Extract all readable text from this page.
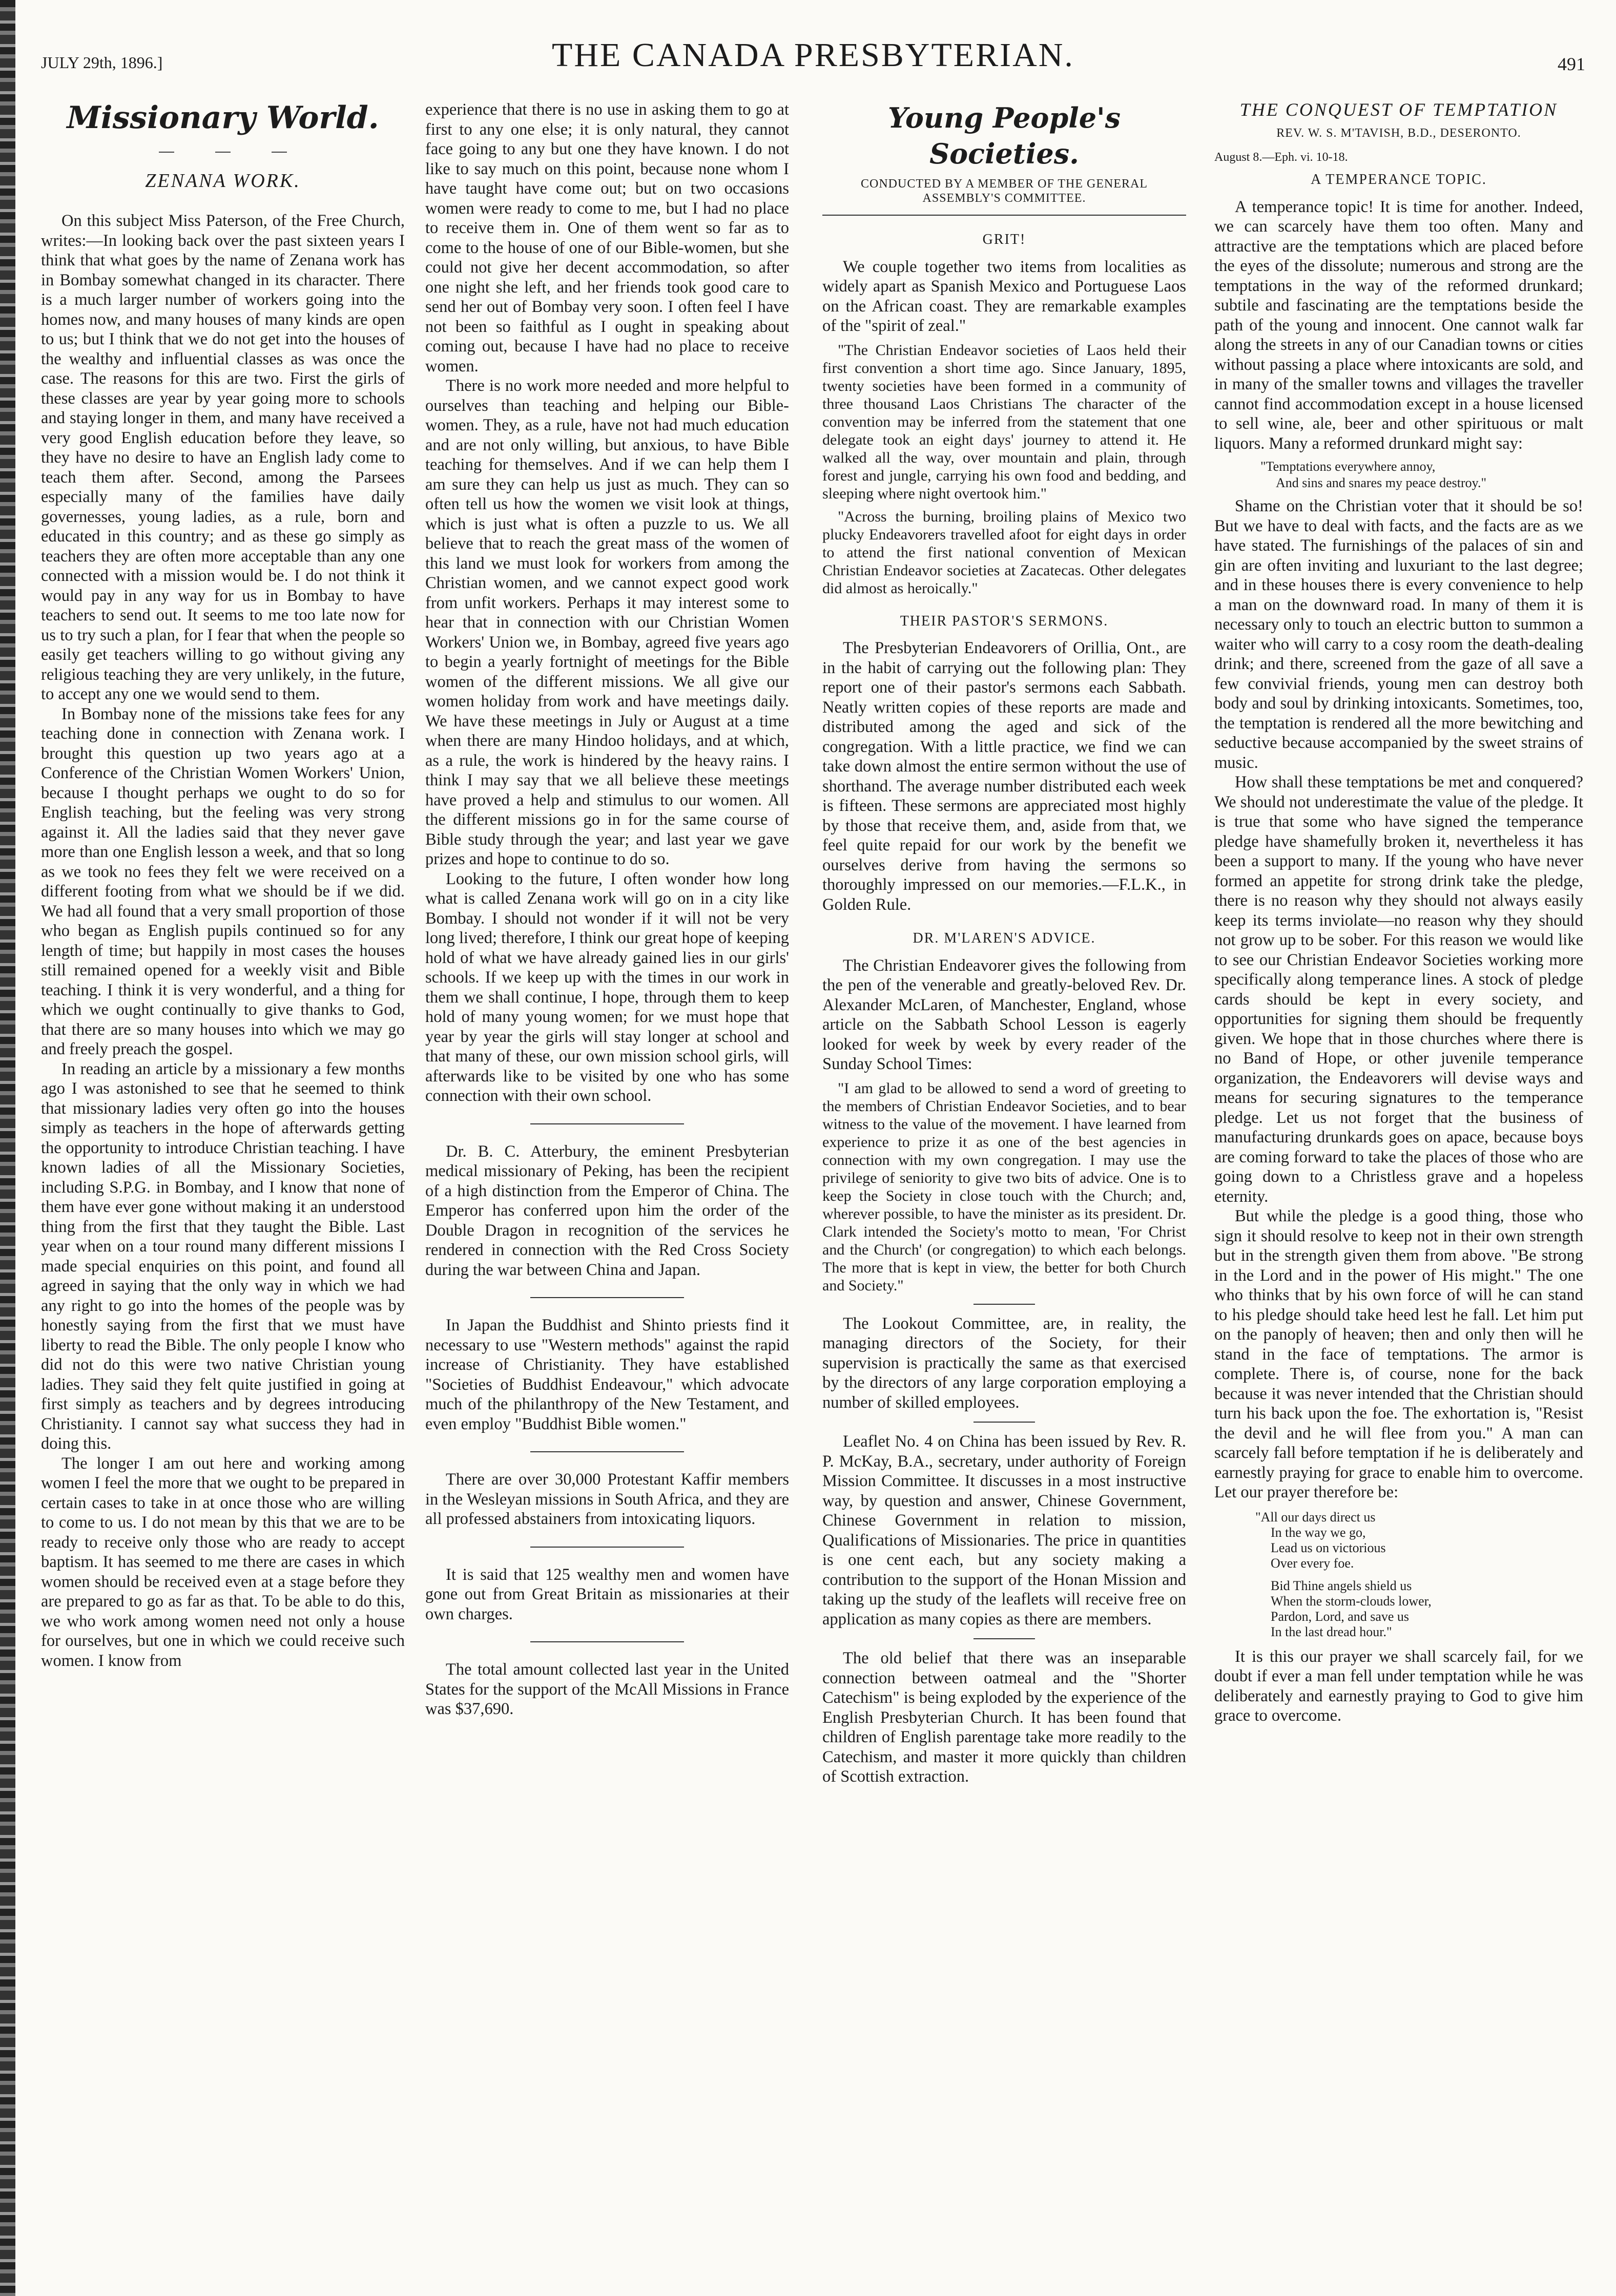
JULY 29th, 1896.]	THE CANADA PRESBYTERIAN.	491
Missionary World.
ZENANA WORK.

On this subject Miss Paterson, of the Free Church, writes:—In looking back over the past sixteen years I think that what goes by the name of Zenana work has in Bombay somewhat changed in its character. There is a much larger number of workers going into the homes now, and many houses of many kinds are open to us; but I think that we do not get into the houses of the wealthy and influential classes as was once the case. The reasons for this are two. First the girls of these classes are year by year going more to schools and staying longer in them, and many have received a very good English education before they leave, so they have no desire to have an English lady come to teach them after. Second, among the Parsees especially many of the families have daily governesses, young ladies, as a rule, born and educated in this country; and as these go simply as teachers they are often more acceptable than any one connected with a mission would be. I do not think it would pay in any way for us in Bombay to have teachers to send out. It seems to me too late now for us to try such a plan, for I fear that when the people so easily get teachers willing to go without giving any religious teaching they are very unlikely, in the future, to accept any one we would send to them.

In Bombay none of the missions take fees for any teaching done in connection with Zenana work. I brought this question up two years ago at a Conference of the Christian Women Workers' Union, because I thought perhaps we ought to do so for English teaching, but the feeling was very strong against it. All the ladies said that they never gave more than one English lesson a week, and that so long as we took no fees they felt we were received on a different footing from what we should be if we did. We had all found that a very small proportion of those who began as English pupils continued so for any length of time; but happily in most cases the houses still remained opened for a weekly visit and Bible teaching. I think it is very wonderful, and a thing for which we ought continually to give thanks to God, that there are so many houses into which we may go and freely preach the gospel.

In reading an article by a missionary a few months ago I was astonished to see that he seemed to think that missionary ladies very often go into the houses simply as teachers in the hope of afterwards getting the opportunity to introduce Christian teaching. I have known ladies of all the Missionary Societies, including S.P.G. in Bombay, and I know that none of them have ever gone without making it an understood thing from the first that they taught the Bible. Last year when on a tour round many different missions I made special enquiries on this point, and found all agreed in saying that the only way in which we had any right to go into the homes of the people was by honestly saying from the first that we must have liberty to read the Bible. The only people I know who did not do this were two native Christian young ladies. They said they felt quite justified in going at first simply as teachers and by degrees introducing Christianity. I cannot say what success they had in doing this.

The longer I am out here and working among women I feel the more that we ought to be prepared in certain cases to take in at once those who are willing to come to us. I do not mean by this that we are to be ready to receive only those who are ready to accept baptism. It has seemed to me there are cases in which women should be received even at a stage before they are prepared to go as far as that. To be able to do this, we who work among women need not only a house for ourselves, but one in which we could receive such women. I know from

experience that there is no use in asking them to go at first to any one else; it is only natural, they cannot face going to any but one they have known. I do not like to say much on this point, because none whom I have taught have come out; but on two occasions women were ready to come to me, but I had no place to receive them in. One of them went so far as to come to the house of one of our Bible-women, but she could not give her decent accommodation, so after one night she left, and her friends took good care to send her out of Bombay very soon. I often feel I have not been so faithful as I ought in speaking about coming out, because I have had no place to receive women.

There is no work more needed and more helpful to ourselves than teaching and helping our Bible-women. They, as a rule, have not had much education and are not only willing, but anxious, to have Bible teaching for themselves. And if we can help them I am sure they can help us just as much. They can so often tell us how the women we visit look at things, which is just what is often a puzzle to us. We all believe that to reach the great mass of the women of this land we must look for workers from among the Christian women, and we cannot expect good work from unfit workers. Perhaps it may interest some to hear that in connection with our Christian Women Workers' Union we, in Bombay, agreed five years ago to begin a yearly fortnight of meetings for the Bible women of the different missions. We all give our women holiday from work and have meetings daily. We have these meetings in July or August at a time when there are many Hindoo holidays, and at which, as a rule, the work is hindered by the heavy rains. I think I may say that we all believe these meetings have proved a help and stimulus to our women. All the different missions go in for the same course of Bible study through the year; and last year we gave prizes and hope to continue to do so.

Looking to the future, I often wonder how long what is called Zenana work will go on in a city like Bombay. I should not wonder if it will not be very long lived; therefore, I think our great hope of keeping hold of what we have already gained lies in our girls' schools. If we keep up with the times in our work in them we shall continue, I hope, through them to keep hold of many young women; for we must hope that year by year the girls will stay longer at school and that many of these, our own mission school girls, will afterwards like to be visited by one who has some connection with their own school.

Dr. B. C. Atterbury, the eminent Presbyterian medical missionary of Peking, has been the recipient of a high distinction from the Emperor of China. The Emperor has conferred upon him the order of the Double Dragon in recognition of the services he rendered in connection with the Red Cross Society during the war between China and Japan.

In Japan the Buddhist and Shinto priests find it necessary to use "Western methods" against the rapid increase of Christianity. They have established "Societies of Buddhist Endeavour," which advocate much of the philanthropy of the New Testament, and even employ "Buddhist Bible women."

There are over 30,000 Protestant Kaffir members in the Wesleyan missions in South Africa, and they are all professed abstainers from intoxicating liquors.

It is said that 125 wealthy men and women have gone out from Great Britain as missionaries at their own charges.

The total amount collected last year in the United States for the support of the McAll Missions in France was $37,690.

Young People's Societies.
CONDUCTED BY A MEMBER OF THE GENERAL ASSEMBLY'S COMMITTEE.
GRIT!

We couple together two items from localities as widely apart as Spanish Mexico and Portuguese Laos on the African coast. They are remarkable examples of the "spirit of zeal."

"The Christian Endeavor societies of Laos held their first convention a short time ago. Since January, 1895, twenty societies have been formed in a community of three thousand Laos Christians The character of the convention may be inferred from the statement that one delegate took an eight days' journey to attend it. He walked all the way, over mountain and plain, through forest and jungle, carrying his own food and bedding, and sleeping where night overtook him."

"Across the burning, broiling plains of Mexico two plucky Endeavorers travelled afoot for eight days in order to attend the first national convention of Mexican Christian Endeavor societies at Zacatecas. Other delegates did almost as heroically."

THEIR PASTOR'S SERMONS.

The Presbyterian Endeavorers of Orillia, Ont., are in the habit of carrying out the following plan: They report one of their pastor's sermons each Sabbath. Neatly written copies of these reports are made and distributed among the aged and sick of the congregation. With a little practice, we find we can take down almost the entire sermon without the use of shorthand. The average number distributed each week is fifteen. These sermons are appreciated most highly by those that receive them, and, aside from that, we feel quite repaid for our work by the benefit we ourselves derive from having the sermons so thoroughly impressed on our memories.—F.L.K., in Golden Rule.

DR. M'LAREN'S ADVICE.

The Christian Endeavorer gives the following from the pen of the venerable and greatly-beloved Rev. Dr. Alexander McLaren, of Manchester, England, whose article on the Sabbath School Lesson is eagerly looked for week by week by every reader of the Sunday School Times:

"I am glad to be allowed to send a word of greeting to the members of Christian Endeavor Societies, and to bear witness to the value of the movement. I have learned from experience to prize it as one of the best agencies in connection with my own congregation. I may use the privilege of seniority to give two bits of advice. One is to keep the Society in close touch with the Church; and, wherever possible, to have the minister as its president. Dr. Clark intended the Society's motto to mean, 'For Christ and the Church' (or congregation) to which each belongs. The more that is kept in view, the better for both Church and Society."

The Lookout Committee, are, in reality, the managing directors of the Society, for their supervision is practically the same as that exercised by the directors of any large corporation employing a number of skilled employees.

Leaflet No. 4 on China has been issued by Rev. R. P. McKay, B.A., secretary, under authority of Foreign Mission Committee. It discusses in a most instructive way, by question and answer, Chinese Government, Chinese Government in relation to mission, Qualifications of Missionaries. The price in quantities is one cent each, but any society making a contribution to the support of the Honan Mission and taking up the study of the leaflets will receive free on application as many copies as there are members.

The old belief that there was an inseparable connection between oatmeal and the "Shorter Catechism" is being exploded by the experience of the English Presbyterian Church. It has been found that children of English parentage take more readily to the Catechism, and master it more quickly than children of Scottish extraction.

THE CONQUEST OF TEMPTATION
REV. W. S. M'TAVISH, B.D., DESERONTO.
August 8.—Eph. vi. 10-18.
A TEMPERANCE TOPIC.

A temperance topic! It is time for another. Indeed, we can scarcely have them too often. Many and attractive are the temptations which are placed before the eyes of the dissolute; numerous and strong are the temptations in the way of the reformed drunkard; subtile and fascinating are the temptations beside the path of the young and innocent. One cannot walk far along the streets in any of our Canadian towns or cities without passing a place where intoxicants are sold, and in many of the smaller towns and villages the traveller cannot find accommodation except in a house licensed to sell wine, ale, beer and other spirituous or malt liquors. Many a reformed drunkard might say:

"Temptations everywhere annoy,
And sins and snares my peace destroy."

Shame on the Christian voter that it should be so! But we have to deal with facts, and the facts are as we have stated. The furnishings of the palaces of sin and gin are often inviting and luxuriant to the last degree; and in these houses there is every convenience to help a man on the downward road. In many of them it is necessary only to touch an electric button to summon a waiter who will carry to a cosy room the death-dealing drink; and there, screened from the gaze of all save a few convivial friends, young men can destroy both body and soul by drinking intoxicants. Sometimes, too, the temptation is rendered all the more bewitching and seductive because accompanied by the sweet strains of music.

How shall these temptations be met and conquered? We should not underestimate the value of the pledge. It is true that some who have signed the temperance pledge have shamefully broken it, nevertheless it has been a support to many. If the young who have never formed an appetite for strong drink take the pledge, there is no reason why they should not always easily keep its terms inviolate—no reason why they should not grow up to be sober. For this reason we would like to see our Christian Endeavor Societies working more specifically along temperance lines. A stock of pledge cards should be kept in every society, and opportunities for signing them should be frequently given. We hope that in those churches where there is no Band of Hope, or other juvenile temperance organization, the Endeavorers will devise ways and means for securing signatures to the temperance pledge. Let us not forget that the business of manufacturing drunkards goes on apace, because boys are coming forward to take the places of those who are going down to a Christless grave and a hopeless eternity.

But while the pledge is a good thing, those who sign it should resolve to keep not in their own strength but in the strength given them from above. "Be strong in the Lord and in the power of His might." The one who thinks that by his own force of will he can stand to his pledge should take heed lest he fall. Let him put on the panoply of heaven; then and only then will he stand in the face of temptations. The armor is complete. There is, of course, none for the back because it was never intended that the Christian should turn his back upon the foe. The exhortation is, "Resist the devil and he will flee from you." A man can scarcely fall before temptation if he is deliberately and earnestly praying for grace to enable him to overcome. Let our prayer therefore be:

"All our days direct us
In the way we go,
Lead us on victorious
Over every foe.
Bid Thine angels shield us
When the storm-clouds lower,
Pardon, Lord, and save us
In the last dread hour."

It is this our prayer we shall scarcely fail, for we doubt if ever a man fell under temptation while he was deliberately and earnestly praying to God to give him grace to overcome.
